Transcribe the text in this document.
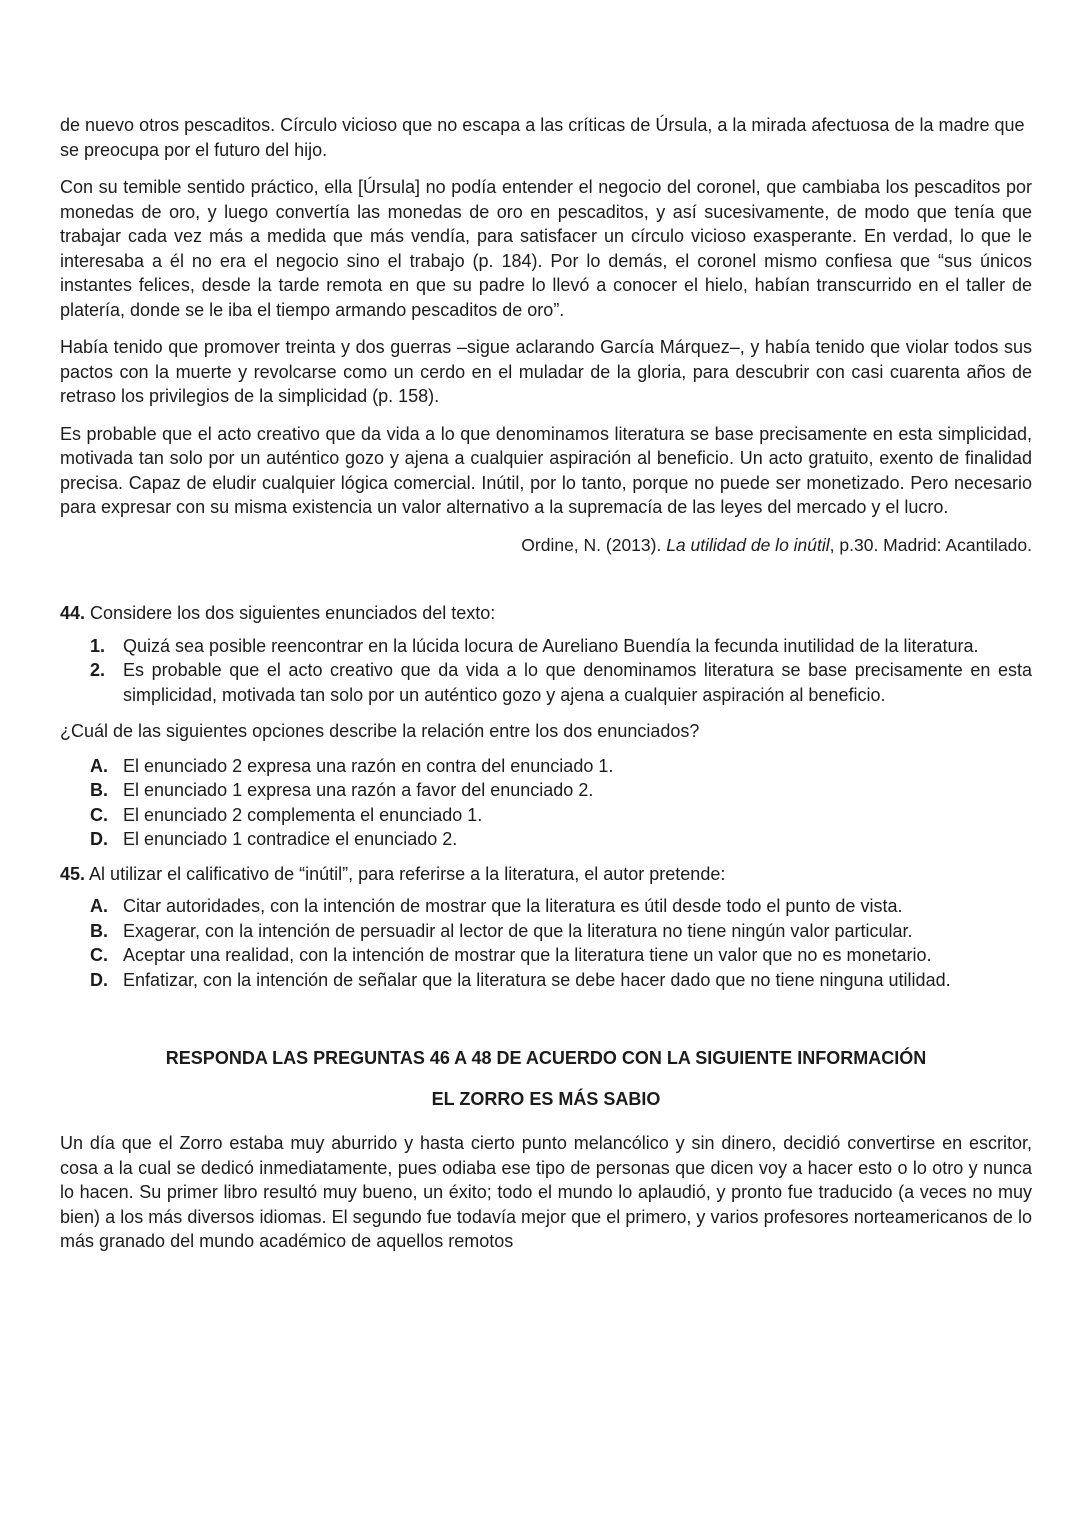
de nuevo otros pescaditos. Círculo vicioso que no escapa a las críticas de Úrsula, a la mirada afectuosa de la madre que se preocupa por el futuro del hijo.

Con su temible sentido práctico, ella [Úrsula] no podía entender el negocio del coronel, que cambiaba los pescaditos por monedas de oro, y luego convertía las monedas de oro en pescaditos, y así sucesivamente, de modo que tenía que trabajar cada vez más a medida que más vendía, para satisfacer un círculo vicioso exasperante. En verdad, lo que le interesaba a él no era el negocio sino el trabajo (p. 184). Por lo demás, el coronel mismo confiesa que “sus únicos instantes felices, desde la tarde remota en que su padre lo llevó a conocer el hielo, habían transcurrido en el taller de platería, donde se le iba el tiempo armando pescaditos de oro”.

Había tenido que promover treinta y dos guerras –sigue aclarando García Márquez–, y había tenido que violar todos sus pactos con la muerte y revolcarse como un cerdo en el muladar de la gloria, para descubrir con casi cuarenta años de retraso los privilegios de la simplicidad (p. 158).

Es probable que el acto creativo que da vida a lo que denominamos literatura se base precisamente en esta simplicidad, motivada tan solo por un auténtico gozo y ajena a cualquier aspiración al beneficio. Un acto gratuito, exento de finalidad precisa. Capaz de eludir cualquier lógica comercial. Inútil, por lo tanto, porque no puede ser monetizado. Pero necesario para expresar con su misma existencia un valor alternativo a la supremacía de las leyes del mercado y el lucro.

Ordine, N. (2013). La utilidad de lo inútil, p.30. Madrid: Acantilado.

44. Considere los dos siguientes enunciados del texto:

1. Quizá sea posible reencontrar en la lúcida locura de Aureliano Buendía la fecunda inutilidad de la literatura.
2. Es probable que el acto creativo que da vida a lo que denominamos literatura se base precisamente en esta simplicidad, motivada tan solo por un auténtico gozo y ajena a cualquier aspiración al beneficio.

¿Cuál de las siguientes opciones describe la relación entre los dos enunciados?

A. El enunciado 2 expresa una razón en contra del enunciado 1.
B. El enunciado 1 expresa una razón a favor del enunciado 2.
C. El enunciado 2 complementa el enunciado 1.
D. El enunciado 1 contradice el enunciado 2.

45. Al utilizar el calificativo de “inútil”, para referirse a la literatura, el autor pretende:

A. Citar autoridades, con la intención de mostrar que la literatura es útil desde todo el punto de vista.
B. Exagerar, con la intención de persuadir al lector de que la literatura no tiene ningún valor particular.
C. Aceptar una realidad, con la intención de mostrar que la literatura tiene un valor que no es monetario.
D. Enfatizar, con la intención de señalar que la literatura se debe hacer dado que no tiene ninguna utilidad.

RESPONDA LAS PREGUNTAS 46 A 48 DE ACUERDO CON LA SIGUIENTE INFORMACIÓN

EL ZORRO ES MÁS SABIO

Un día que el Zorro estaba muy aburrido y hasta cierto punto melancólico y sin dinero, decidió convertirse en escritor, cosa a la cual se dedicó inmediatamente, pues odiaba ese tipo de personas que dicen voy a hacer esto o lo otro y nunca lo hacen. Su primer libro resultó muy bueno, un éxito; todo el mundo lo aplaudió, y pronto fue traducido (a veces no muy bien) a los más diversos idiomas. El segundo fue todavía mejor que el primero, y varios profesores norteamericanos de lo más granado del mundo académico de aquellos remotos
